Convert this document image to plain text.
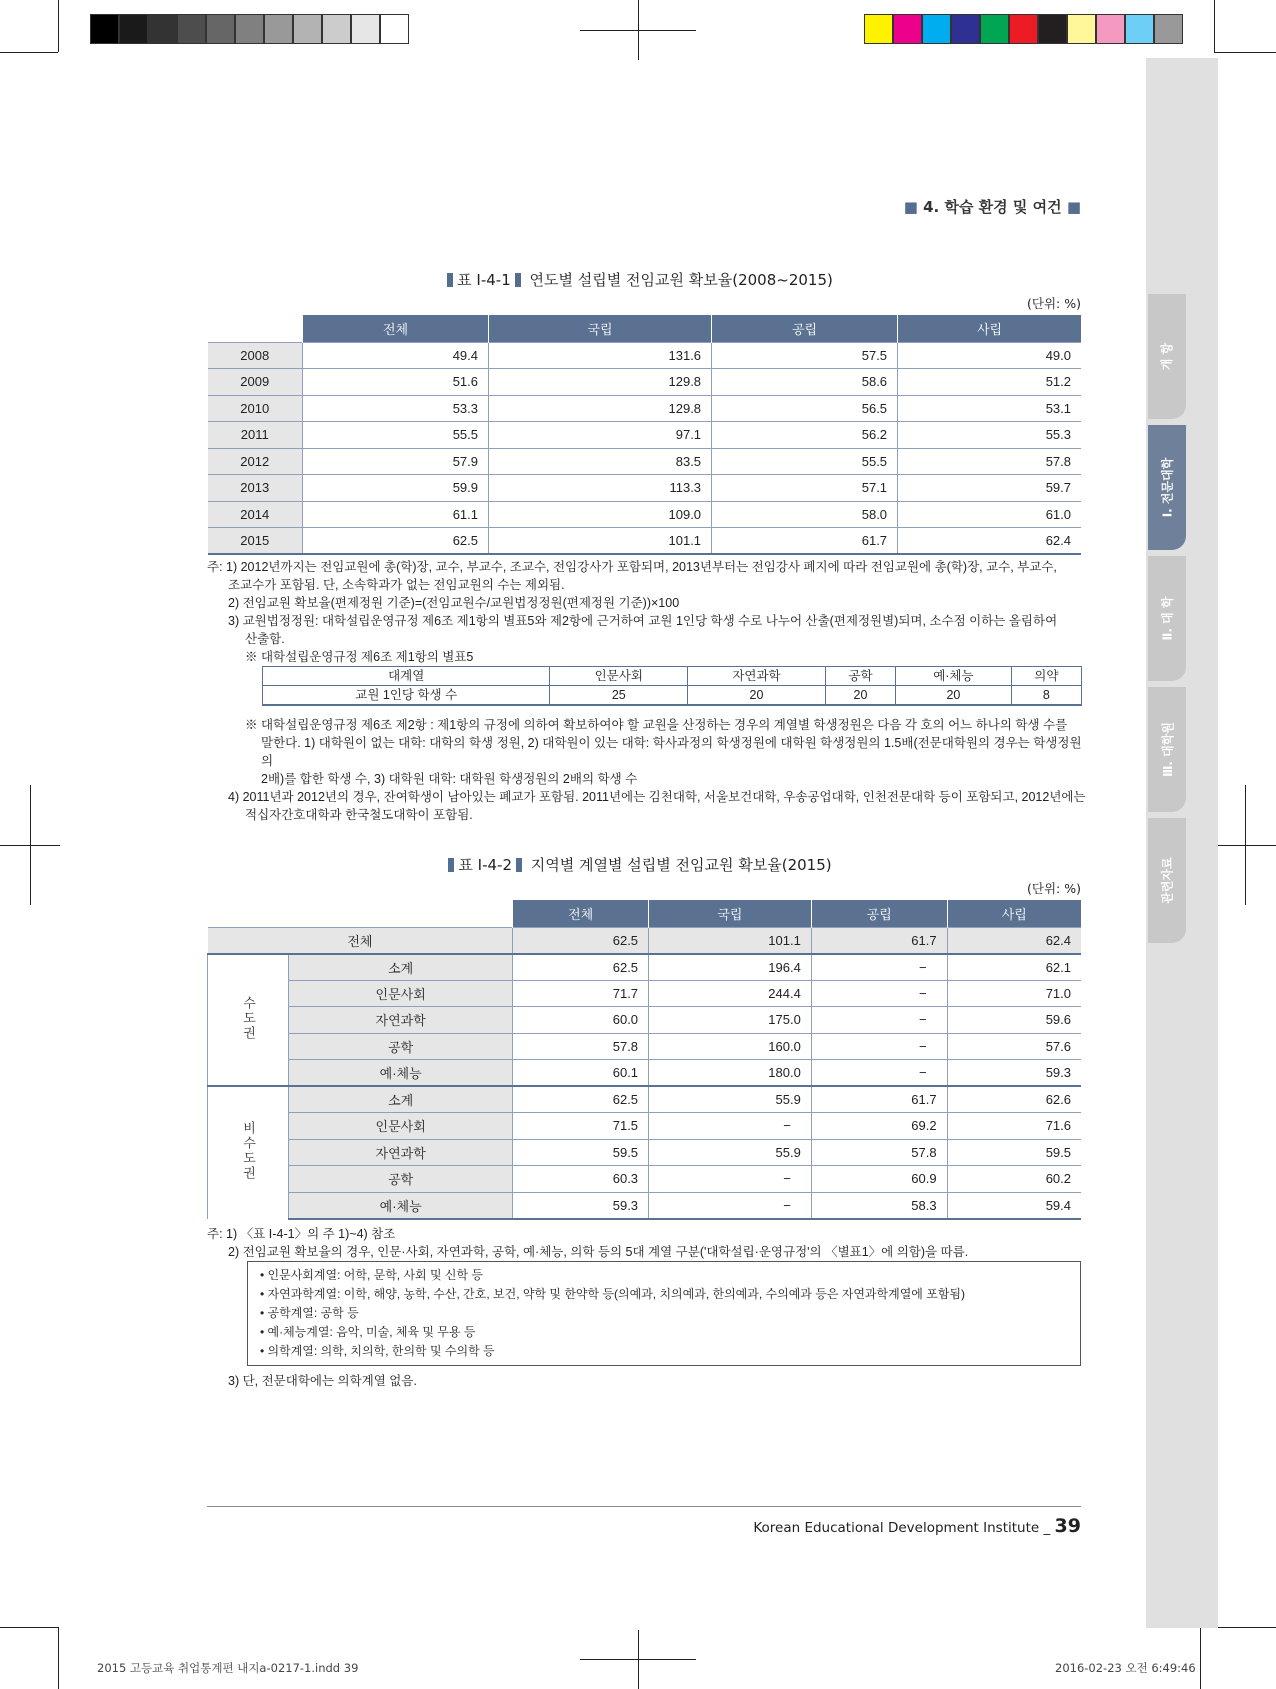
개 항
Ⅰ. 전문대학
Ⅱ. 대 학
Ⅲ. 대학원
관련자료
■ 4. 학습 환경 및 여건 ■
표 Ⅰ-4-1 연도별 설립별 전임교원 확보율(2008~2015)
(단위: %)
	전체	국립	공립	사립
2008	49.4	131.6	57.5	49.0
2009	51.6	129.8	58.6	51.2
2010	53.3	129.8	56.5	53.1
2011	55.5	97.1	56.2	55.3
2012	57.9	83.5	55.5	57.8
2013	59.9	113.3	57.1	59.7
2014	61.1	109.0	58.0	61.0
2015	62.5	101.1	61.7	62.4
주: 1) 2012년까지는 전임교원에 총(학)장, 교수, 부교수, 조교수, 전임강사가 포함되며, 2013년부터는 전임강사 폐지에 따라 전임교원에 총(학)장, 교수, 부교수,
조교수가 포함됨. 단, 소속학과가 없는 전임교원의 수는 제외됨.
2) 전임교원 확보율(편제정원 기준)=(전임교원수/교원법정정원(편제정원 기준))×100
3) 교원법정정원: 대학설립운영규정 제6조 제1항의 별표5와 제2항에 근거하여 교원 1인당 학생 수로 나누어 산출(편제정원별)되며, 소수점 이하는 올림하여
산출함.
※ 대학설립운영규정 제6조 제1항의 별표5
대계열	인문사회	자연과학	공학	예·체능	의약
교원 1인당 학생 수	25	20	20	20	8
※ 대학설립운영규정 제6조 제2항 : 제1항의 규정에 의하여 확보하여야 할 교원을 산정하는 경우의 계열별 학생정원은 다음 각 호의 어느 하나의 학생 수를
말한다. 1) 대학원이 없는 대학: 대학의 학생 정원, 2) 대학원이 있는 대학: 학사과정의 학생정원에 대학원 학생정원의 1.5배(전문대학원의 경우는 학생정원의
2배)를 합한 학생 수, 3) 대학원 대학: 대학원 학생정원의 2배의 학생 수
4) 2011년과 2012년의 경우, 잔여학생이 남아있는 폐교가 포함됨. 2011년에는 김천대학, 서울보건대학, 우송공업대학, 인천전문대학 등이 포함되고, 2012년에는
적십자간호대학과 한국철도대학이 포함됨.
표 Ⅰ-4-2 지역별 계열별 설립별 전임교원 확보율(2015)
(단위: %)
		전체	국립	공립	사립
전체		62.5	101.1	61.7	62.4
수도권	소계	62.5	196.4	−	62.1
	인문사회	71.7	244.4	−	71.0
	자연과학	60.0	175.0	−	59.6
	공학	57.8	160.0	−	57.6
	예·체능	60.1	180.0	−	59.3
비수도권	소계	62.5	55.9	61.7	62.6
	인문사회	71.5	−	69.2	71.6
	자연과학	59.5	55.9	57.8	59.5
	공학	60.3	−	60.9	60.2
	예·체능	59.3	−	58.3	59.4
주: 1) 〈표 Ⅰ-4-1〉의 주 1)~4) 참조
2) 전임교원 확보율의 경우, 인문·사회, 자연과학, 공학, 예·체능, 의학 등의 5대 계열 구분('대학설립·운영규정'의 〈별표1〉에 의함)을 따름.
• 인문사회계열: 어학, 문학, 사회 및 신학 등
• 자연과학계열: 이학, 해양, 농학, 수산, 간호, 보건, 약학 및 한약학 등(의예과, 치의예과, 한의예과, 수의예과 등은 자연과학계열에 포함됨)
• 공학계열: 공학 등
• 예·체능계열: 음악, 미술, 체육 및 무용 등
• 의학계열: 의학, 치의학, 한의학 및 수의학 등
3) 단, 전문대학에는 의학계열 없음.
Korean Educational Development Institute _ 39
2015 고등교육 취업통계편 내지a-0217-1.indd 39	2016-02-23 오전 6:49:46
